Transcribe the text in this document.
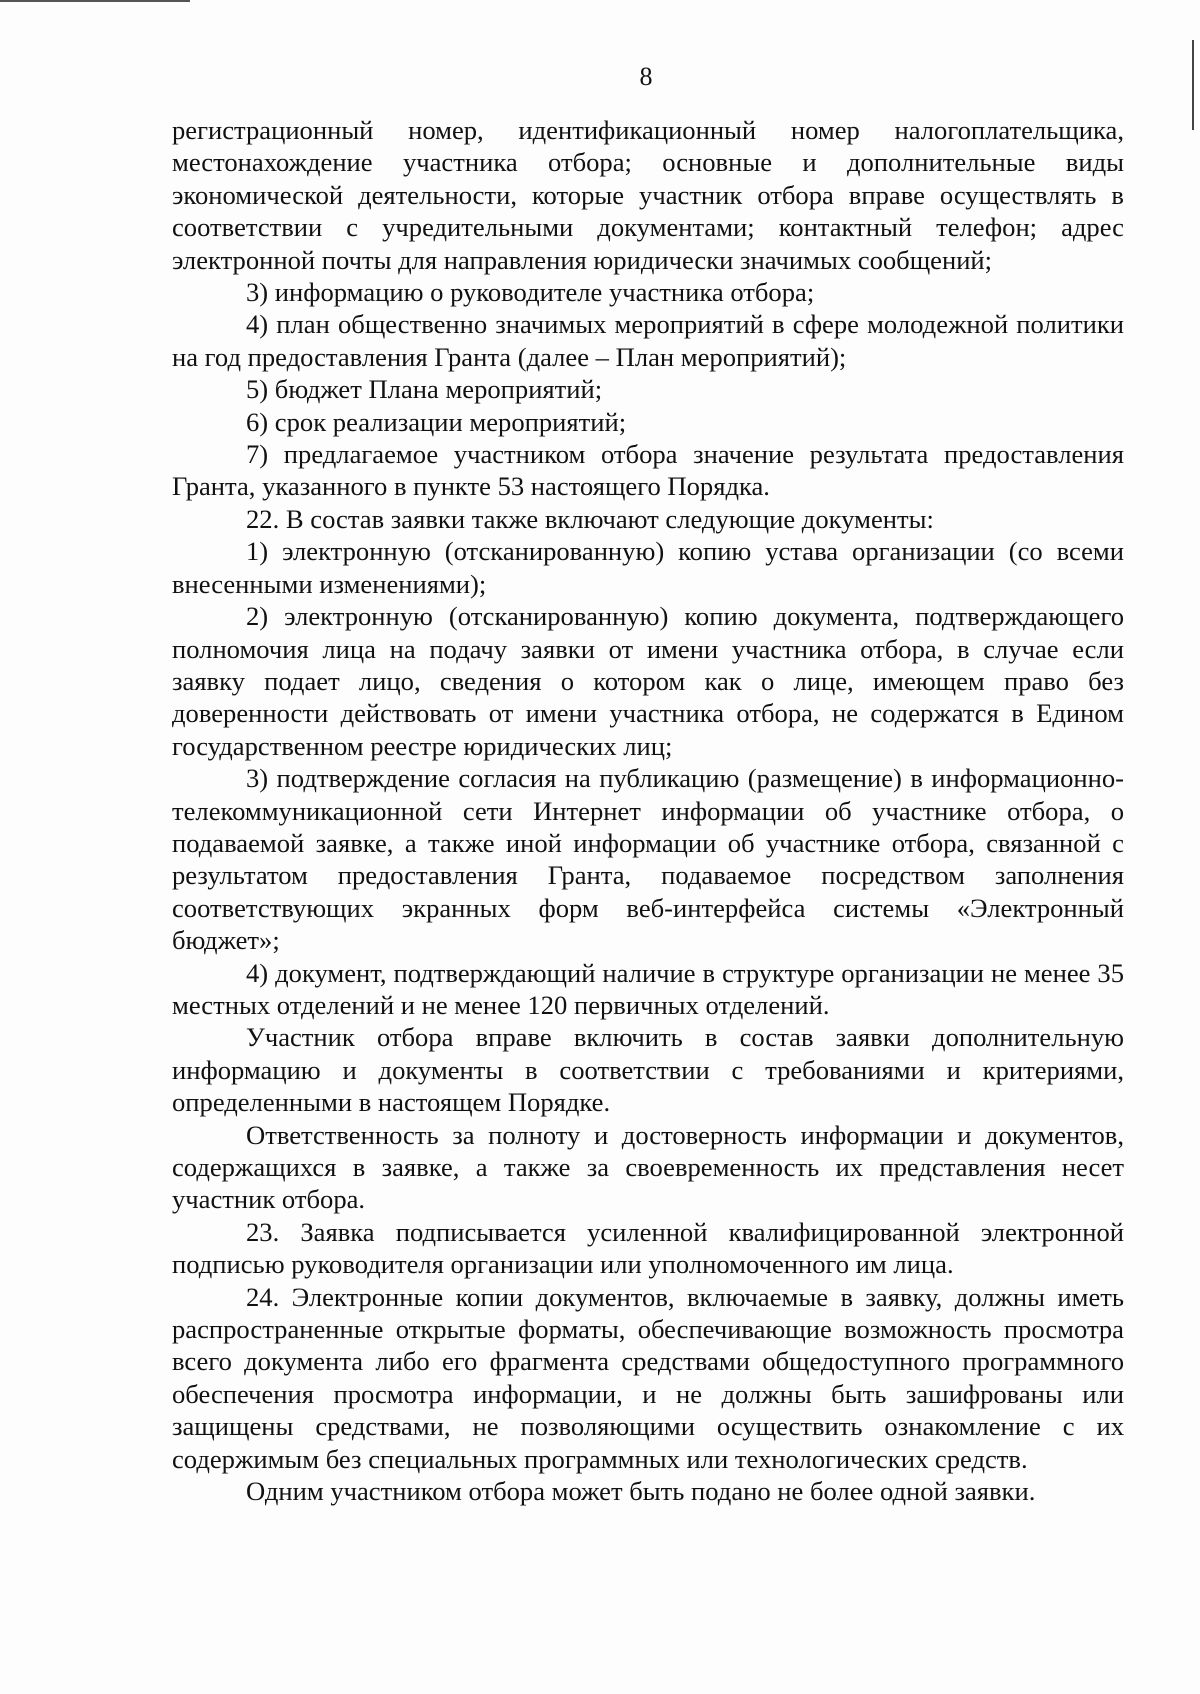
8

регистрационный номер, идентификационный номер налогоплательщика, местонахождение участника отбора; основные и дополнительные виды экономической деятельности, которые участник отбора вправе осуществлять в соответствии с учредительными документами; контактный телефон; адрес электронной почты для направления юридически значимых сообщений;

3) информацию о руководителе участника отбора;

4) план общественно значимых мероприятий в сфере молодежной политики на год предоставления Гранта (далее – План мероприятий);

5) бюджет Плана мероприятий;

6) срок реализации мероприятий;

7) предлагаемое участником отбора значение результата предоставления Гранта, указанного в пункте 53 настоящего Порядка.

22. В состав заявки также включают следующие документы:

1) электронную (отсканированную) копию устава организации (со всеми внесенными изменениями);

2) электронную (отсканированную) копию документа, подтверждающего полномочия лица на подачу заявки от имени участника отбора, в случае если заявку подает лицо, сведения о котором как о лице, имеющем право без доверенности действовать от имени участника отбора, не содержатся в Едином государственном реестре юридических лиц;

3) подтверждение согласия на публикацию (размещение) в информационно-телекоммуникационной сети Интернет информации об участнике отбора, о подаваемой заявке, а также иной информации об участнике отбора, связанной с результатом предоставления Гранта, подаваемое посредством заполнения соответствующих экранных форм веб-интерфейса системы «Электронный бюджет»;

4) документ, подтверждающий наличие в структуре организации не менее 35 местных отделений и не менее 120 первичных отделений.

Участник отбора вправе включить в состав заявки дополнительную информацию и документы в соответствии с требованиями и критериями, определенными в настоящем Порядке.

Ответственность за полноту и достоверность информации и документов, содержащихся в заявке, а также за своевременность их представления несет участник отбора.

23. Заявка подписывается усиленной квалифицированной электронной подписью руководителя организации или уполномоченного им лица.

24. Электронные копии документов, включаемые в заявку, должны иметь распространенные открытые форматы, обеспечивающие возможность просмотра всего документа либо его фрагмента средствами общедоступного программного обеспечения просмотра информации, и не должны быть зашифрованы или защищены средствами, не позволяющими осуществить ознакомление с их содержимым без специальных программных или технологических средств.

Одним участником отбора может быть подано не более одной заявки.
